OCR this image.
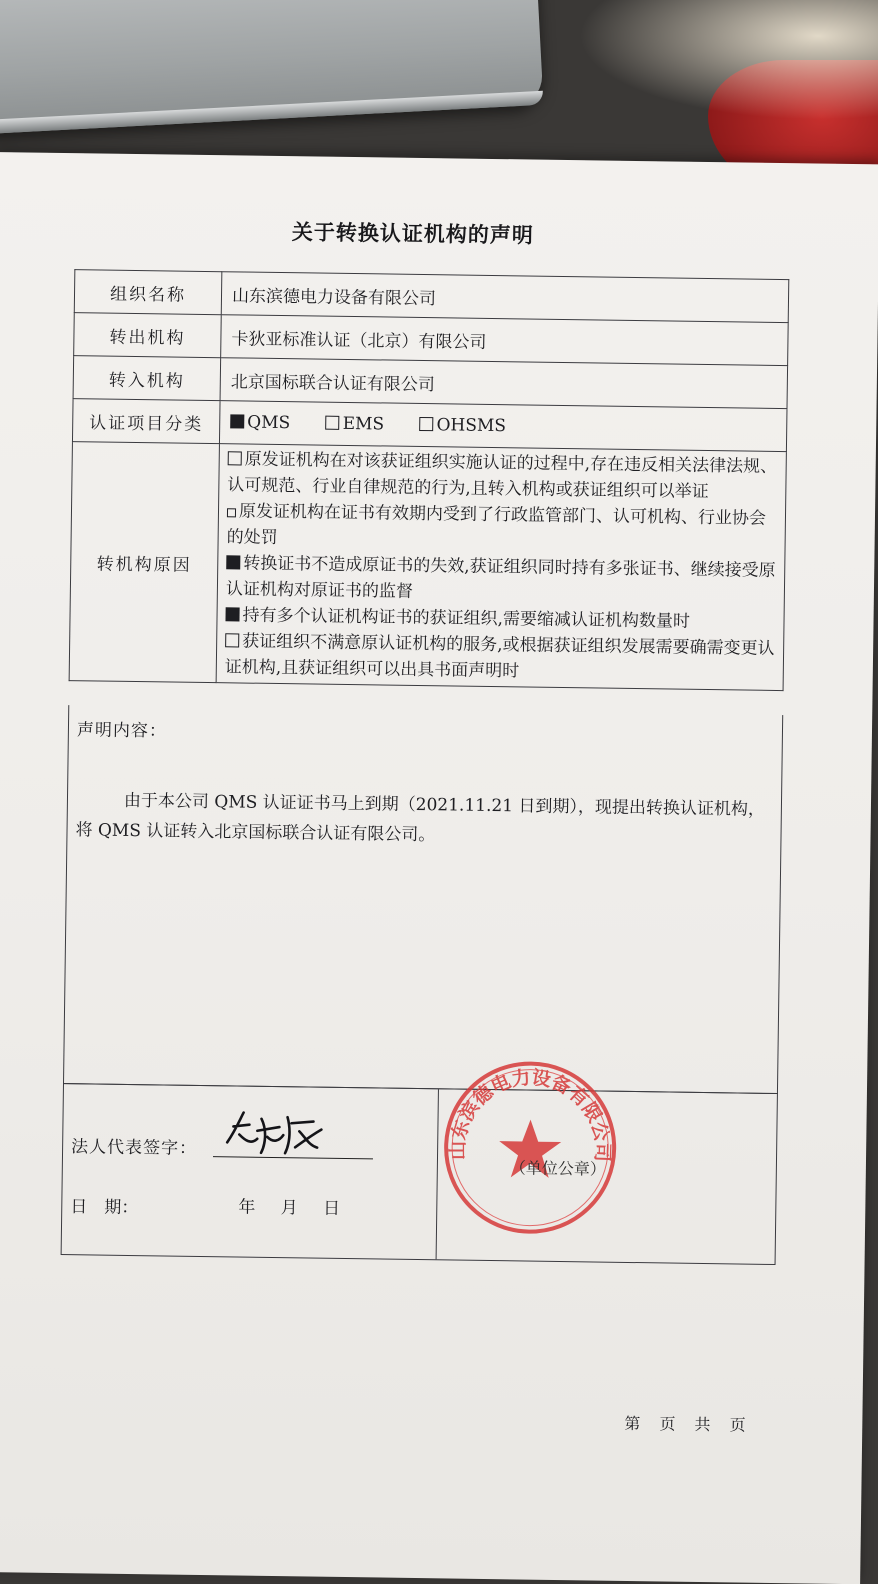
关于转换认证机构的声明
组织名称	山东滨德电力设备有限公司
转出机构	卡狄亚标准认证（北京）有限公司
转入机构	北京国标联合认证有限公司
认证项目分类	QMS EMS OHSMS
转机构原因	原发证机构在对该获证组织实施认证的过程中,存在违反相关法律法规、认可规范、行业自律规范的行为,且转入机构或获证组织可以举证
原发证机构在证书有效期内受到了行政监管部门、认可机构、行业协会的处罚
转换证书不造成原证书的失效,获证组织同时持有多张证书、继续接受原认证机构对原证书的监督
持有多个认证机构证书的获证组织,需要缩减认证机构数量时
获证组织不满意原认证机构的服务,或根据获证组织发展需要确需变更认证机构,且获证组织可以出具书面声明时
声明内容：
由于本公司 QMS 认证证书马上到期（2021.11.21 日到期），现提出转换认证机构，将 QMS 认证转入北京国标联合认证有限公司。
法人代表签字：
日　期：	年 月 日
山东滨德电力设备有限公司
（单位公章）
第 页 共 页
